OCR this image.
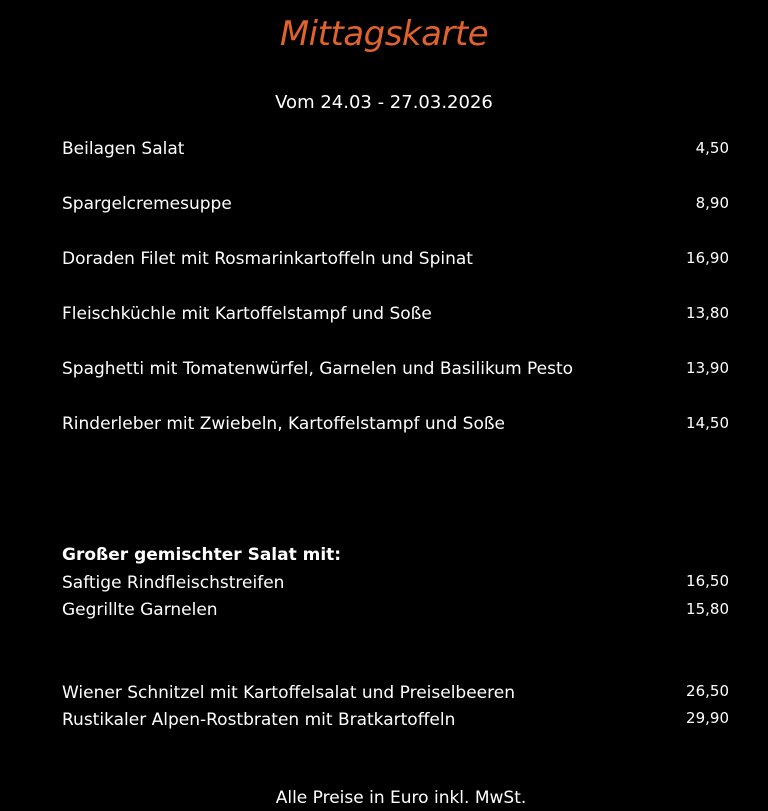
Mittagskarte
Vom 24.03 - 27.03.2026
Beilagen Salat	4,50
Spargelcremesuppe	8,90
Doraden Filet mit Rosmarinkartoffeln und Spinat	16,90
Fleischküchle mit Kartoffelstampf und Soße	13,80
Spaghetti mit Tomatenwürfel, Garnelen und Basilikum Pesto	13,90
Rinderleber mit Zwiebeln, Kartoffelstampf und Soße	14,50
Großer gemischter Salat mit:
Saftige Rindfleischstreifen	16,50
Gegrillte Garnelen	15,80
Wiener Schnitzel mit Kartoffelsalat und Preiselbeeren	26,50
Rustikaler Alpen-Rostbraten mit Bratkartoffeln	29,90
Alle Preise in Euro inkl. MwSt.
